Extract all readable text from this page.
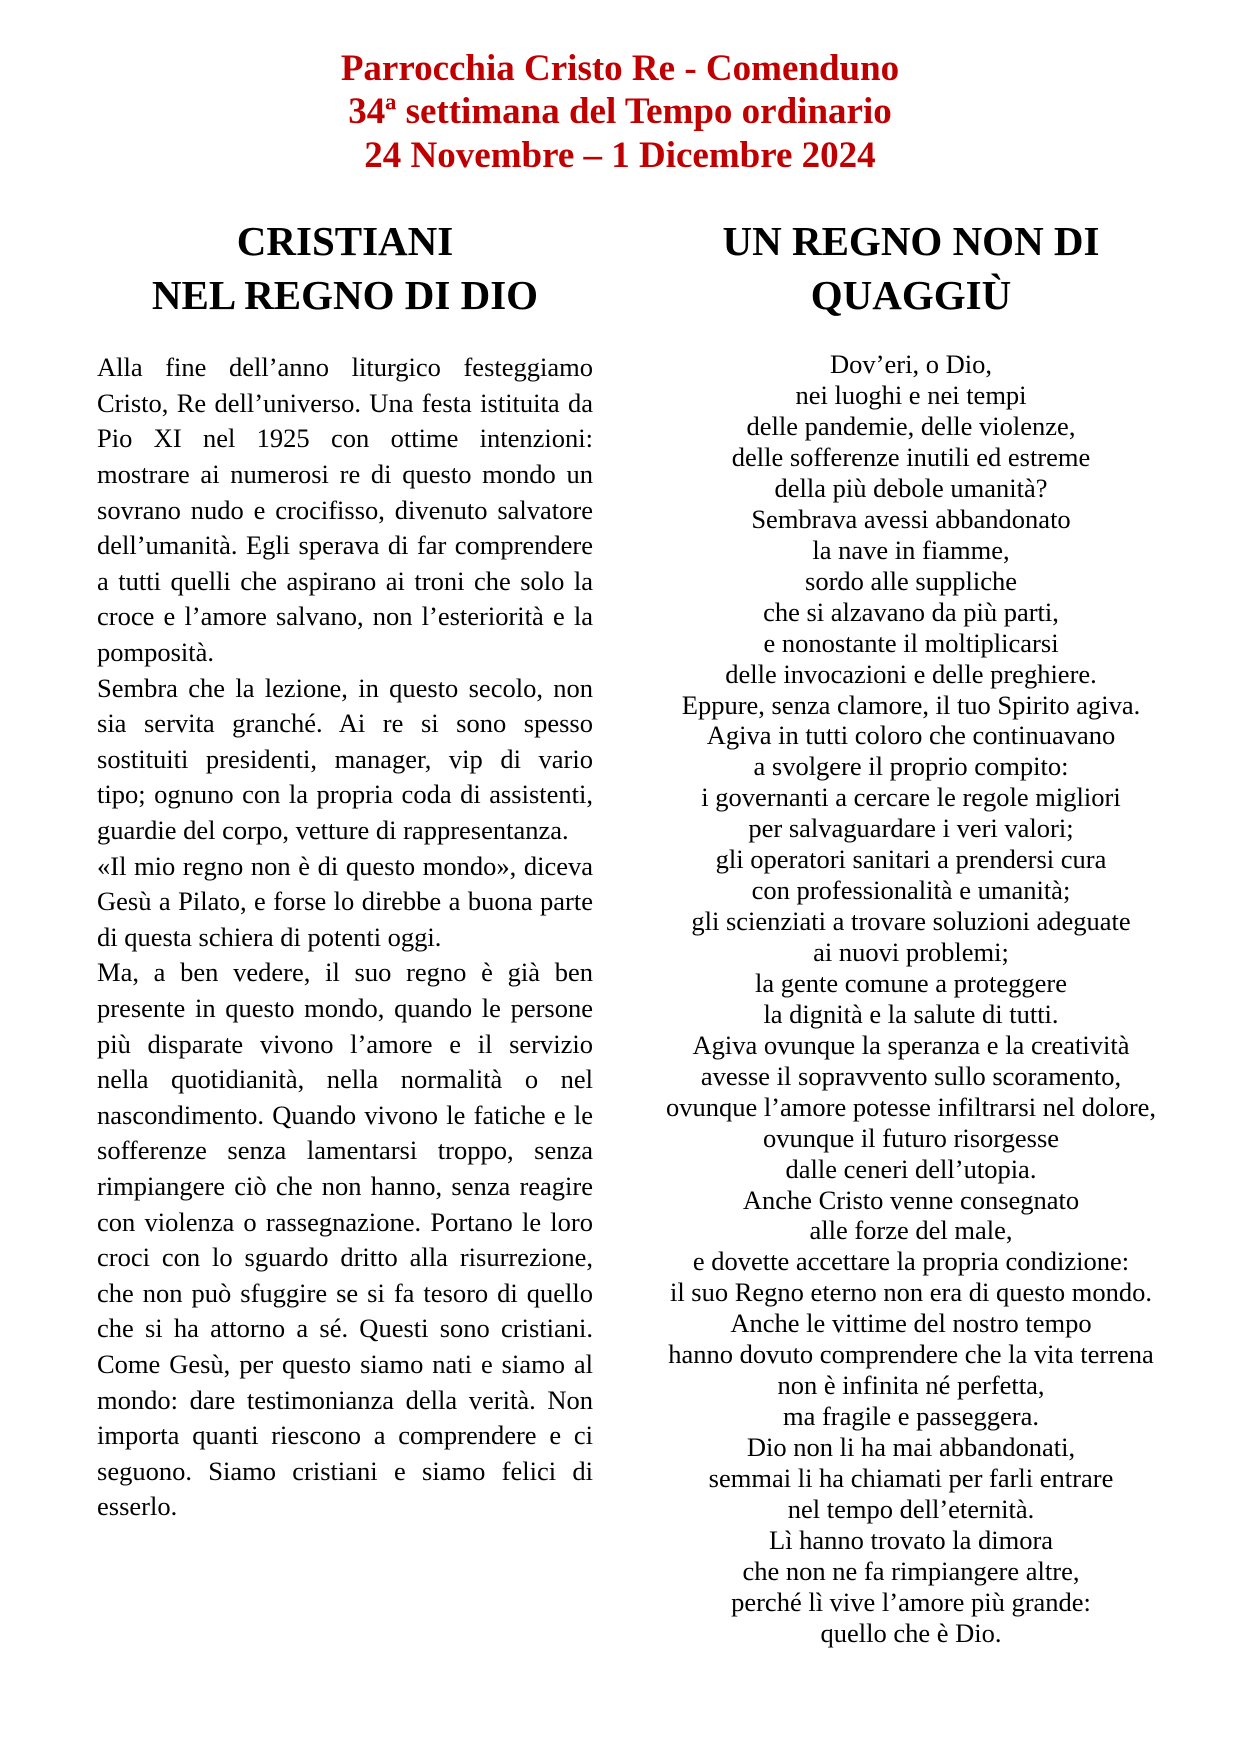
Parrocchia Cristo Re - Comenduno
34ª settimana del Tempo ordinario
24 Novembre – 1 Dicembre 2024
CRISTIANI
NEL REGNO DI DIO
Alla fine dell’anno liturgico festeggiamo
Cristo, Re dell’universo. Una festa istituita da
Pio XI nel 1925 con ottime intenzioni:
mostrare ai numerosi re di questo mondo un
sovrano nudo e crocifisso, divenuto salvatore
dell’umanità. Egli sperava di far comprendere
a tutti quelli che aspirano ai troni che solo la
croce e l’amore salvano, non l’esteriorità e la
pomposità.
Sembra che la lezione, in questo secolo, non
sia servita granché. Ai re si sono spesso
sostituiti presidenti, manager, vip di vario
tipo; ognuno con la propria coda di assistenti,
guardie del corpo, vetture di rappresentanza.
«Il mio regno non è di questo mondo», diceva
Gesù a Pilato, e forse lo direbbe a buona parte
di questa schiera di potenti oggi.
Ma, a ben vedere, il suo regno è già ben
presente in questo mondo, quando le persone
più disparate vivono l’amore e il servizio
nella quotidianità, nella normalità o nel
nascondimento. Quando vivono le fatiche e le
sofferenze senza lamentarsi troppo, senza
rimpiangere ciò che non hanno, senza reagire
con violenza o rassegnazione. Portano le loro
croci con lo sguardo dritto alla risurrezione,
che non può sfuggire se si fa tesoro di quello
che si ha attorno a sé. Questi sono cristiani.
Come Gesù, per questo siamo nati e siamo al
mondo: dare testimonianza della verità. Non
importa quanti riescono a comprendere e ci
seguono. Siamo cristiani e siamo felici di
esserlo.
UN REGNO NON DI
QUAGGIÙ
Dov’eri, o Dio,
nei luoghi e nei tempi
delle pandemie, delle violenze,
delle sofferenze inutili ed estreme
della più debole umanità?
Sembrava avessi abbandonato
la nave in fiamme,
sordo alle suppliche
che si alzavano da più parti,
e nonostante il moltiplicarsi
delle invocazioni e delle preghiere.
Eppure, senza clamore, il tuo Spirito agiva.
Agiva in tutti coloro che continuavano
a svolgere il proprio compito:
i governanti a cercare le regole migliori
per salvaguardare i veri valori;
gli operatori sanitari a prendersi cura
con professionalità e umanità;
gli scienziati a trovare soluzioni adeguate
ai nuovi problemi;
la gente comune a proteggere
la dignità e la salute di tutti.
Agiva ovunque la speranza e la creatività
avesse il sopravvento sullo scoramento,
ovunque l’amore potesse infiltrarsi nel dolore,
ovunque il futuro risorgesse
dalle ceneri dell’utopia.
Anche Cristo venne consegnato
alle forze del male,
e dovette accettare la propria condizione:
il suo Regno eterno non era di questo mondo.
Anche le vittime del nostro tempo
hanno dovuto comprendere che la vita terrena
non è infinita né perfetta,
ma fragile e passeggera.
Dio non li ha mai abbandonati,
semmai li ha chiamati per farli entrare
nel tempo dell’eternità.
Lì hanno trovato la dimora
che non ne fa rimpiangere altre,
perché lì vive l’amore più grande:
quello che è Dio.
